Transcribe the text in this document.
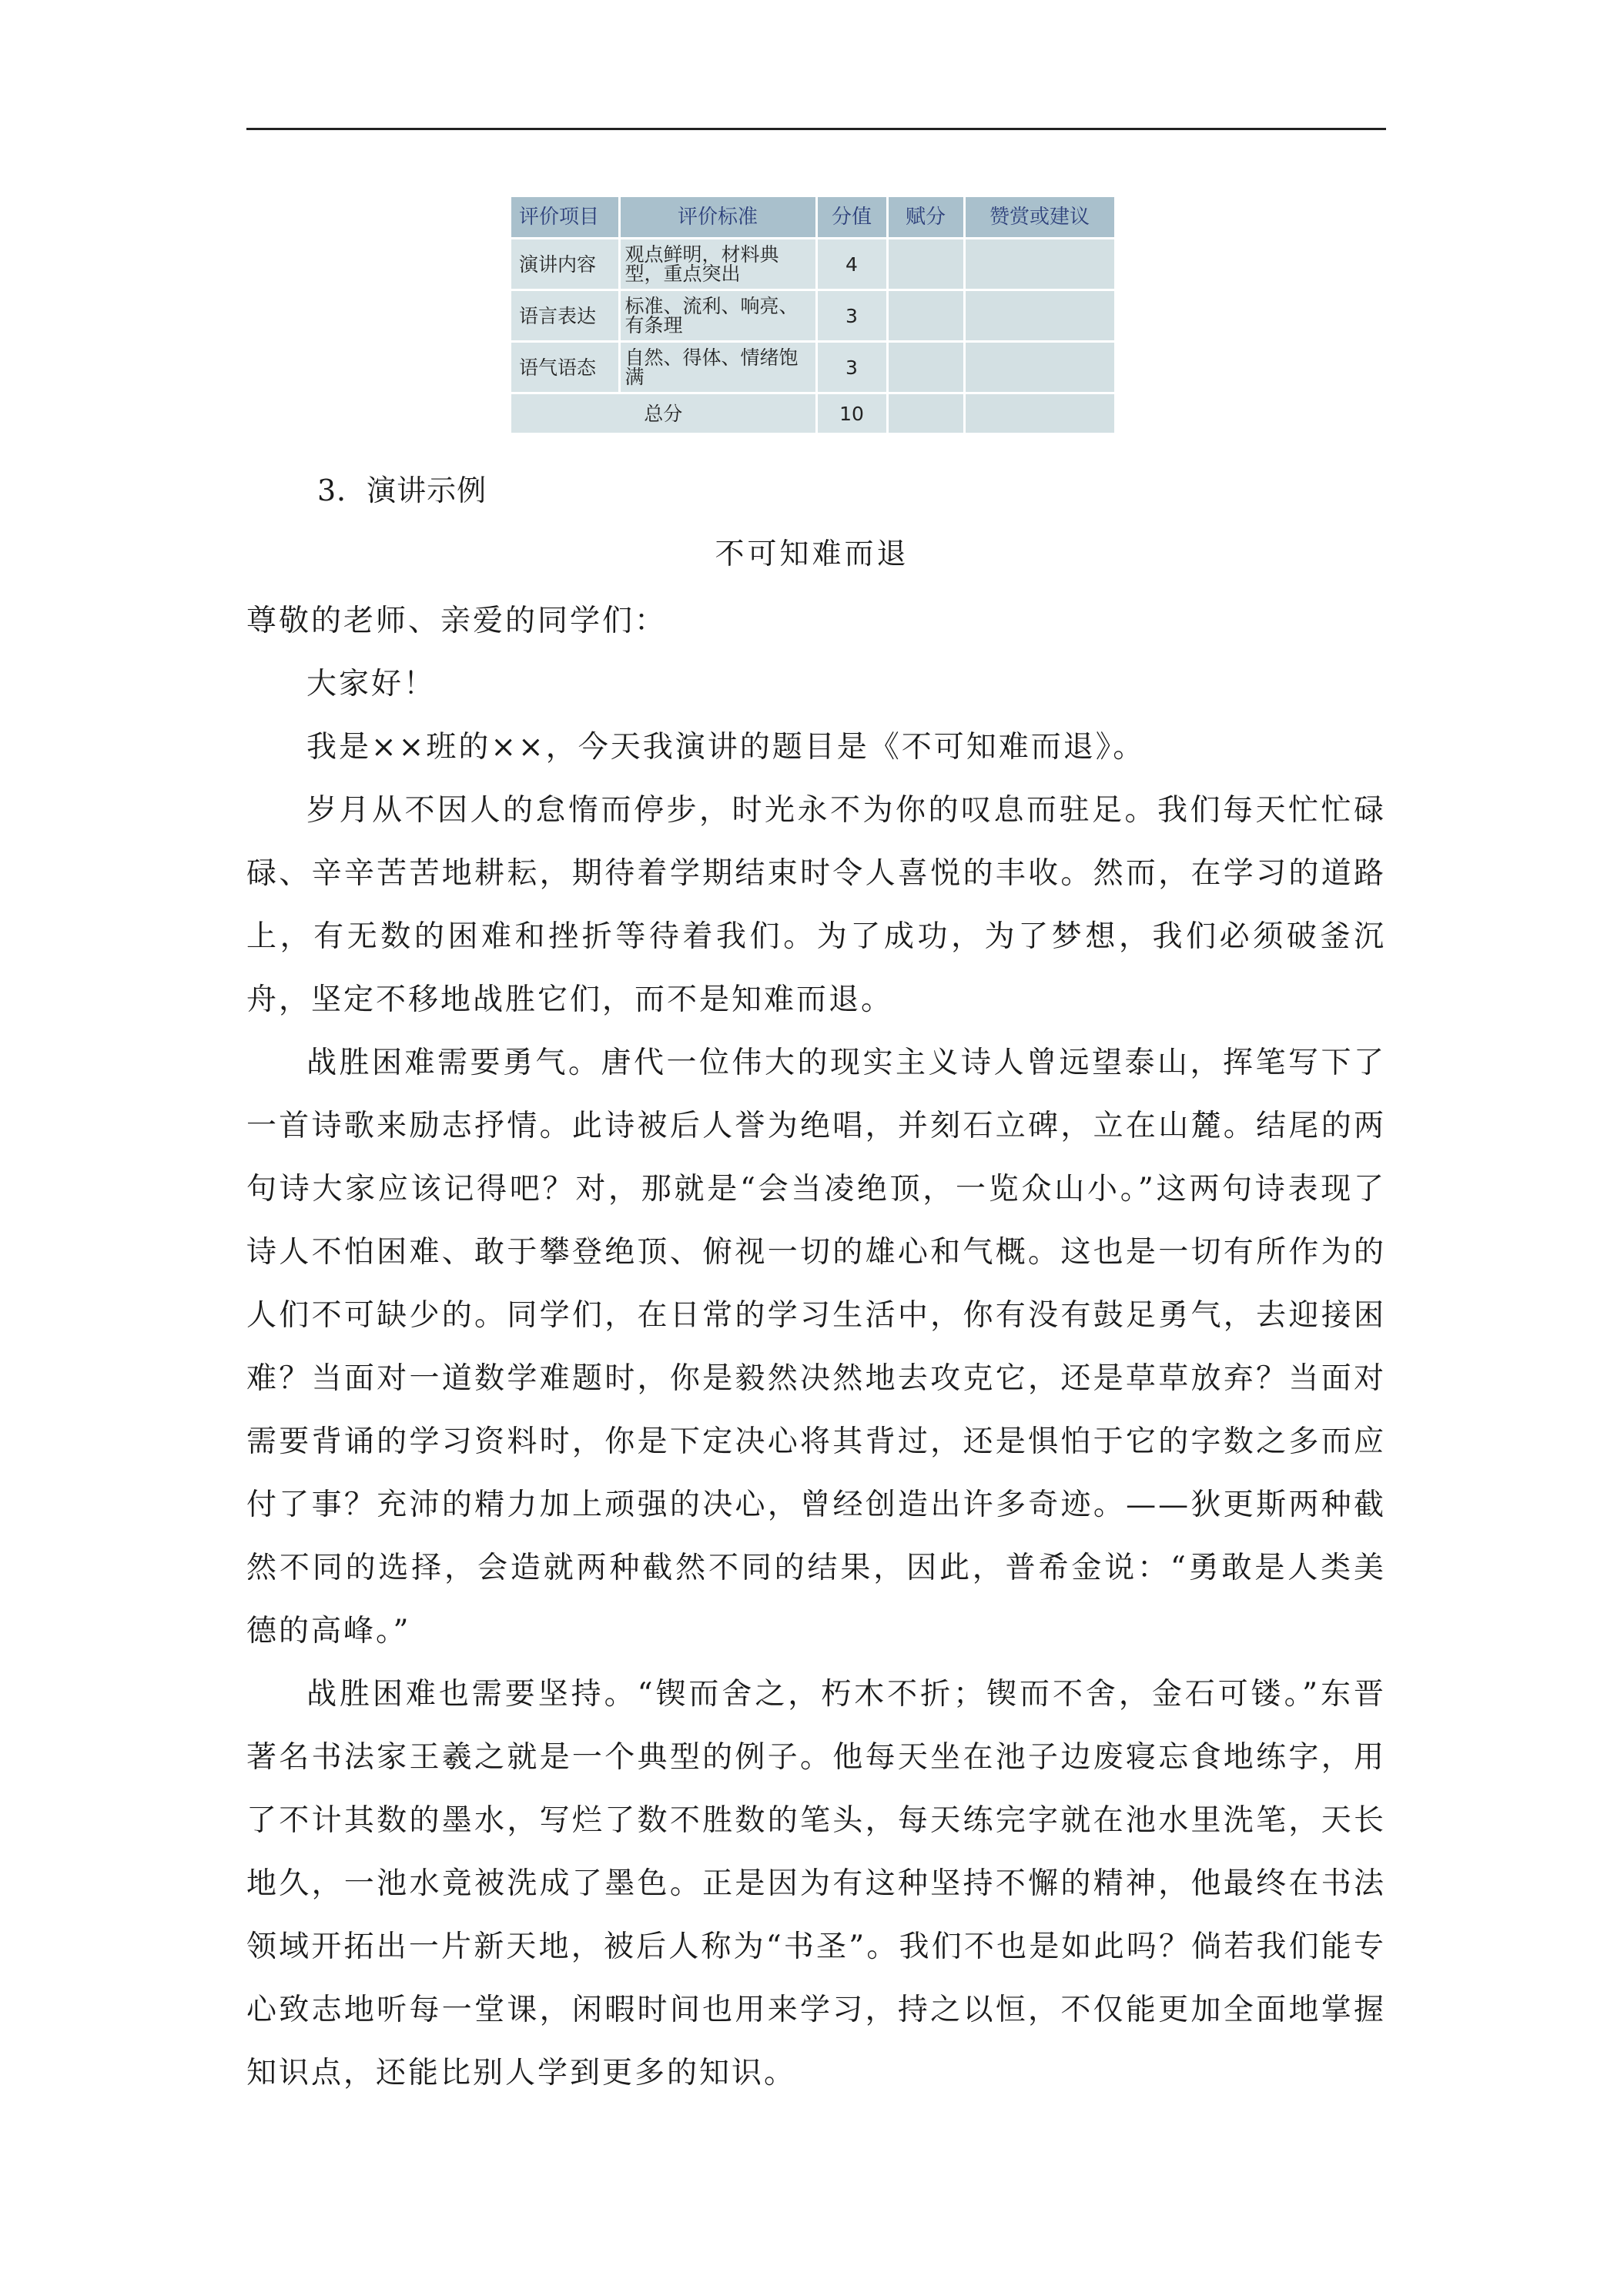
评价项目	评价标准	分值	赋分	赞赏或建议
演讲内容	观点鲜明，材料典型，重点突出	4		
语言表达	标准、流利、响亮、有条理	3		
语气语态	自然、得体、情绪饱满	3		
总分		10		
3．演讲示例
不可知难而退

尊敬的老师、亲爱的同学们：

大家好！

我是××班的××，今天我演讲的题目是《不可知难而退》。

岁月从不因人的怠惰而停步，时光永不为你的叹息而驻足。我们每天忙忙碌碌、辛辛苦苦地耕耘，期待着学期结束时令人喜悦的丰收。然而，在学习的道路上，有无数的困难和挫折等待着我们。为了成功，为了梦想，我们必须破釜沉舟，坚定不移地战胜它们，而不是知难而退。

战胜困难需要勇气。唐代一位伟大的现实主义诗人曾远望泰山，挥笔写下了一首诗歌来励志抒情。此诗被后人誉为绝唱，并刻石立碑，立在山麓。结尾的两句诗大家应该记得吧？对，那就是“会当凌绝顶，一览众山小。”这两句诗表现了诗人不怕困难、敢于攀登绝顶、俯视一切的雄心和气概。这也是一切有所作为的人们不可缺少的。同学们，在日常的学习生活中，你有没有鼓足勇气，去迎接困难？当面对一道数学难题时，你是毅然决然地去攻克它，还是草草放弃？当面对需要背诵的学习资料时，你是下定决心将其背过，还是惧怕于它的字数之多而应付了事？充沛的精力加上顽强的决心，曾经创造出许多奇迹。——狄更斯两种截然不同的选择，会造就两种截然不同的结果，因此，普希金说：“勇敢是人类美德的高峰。”

战胜困难也需要坚持。“锲而舍之，朽木不折；锲而不舍，金石可镂。”东晋著名书法家王羲之就是一个典型的例子。他每天坐在池子边废寝忘食地练字，用了不计其数的墨水，写烂了数不胜数的笔头，每天练完字就在池水里洗笔，天长地久，一池水竟被洗成了墨色。正是因为有这种坚持不懈的精神，他最终在书法领域开拓出一片新天地，被后人称为“书圣”。我们不也是如此吗？倘若我们能专心致志地听每一堂课，闲暇时间也用来学习，持之以恒，不仅能更加全面地掌握知识点，还能比别人学到更多的知识。
